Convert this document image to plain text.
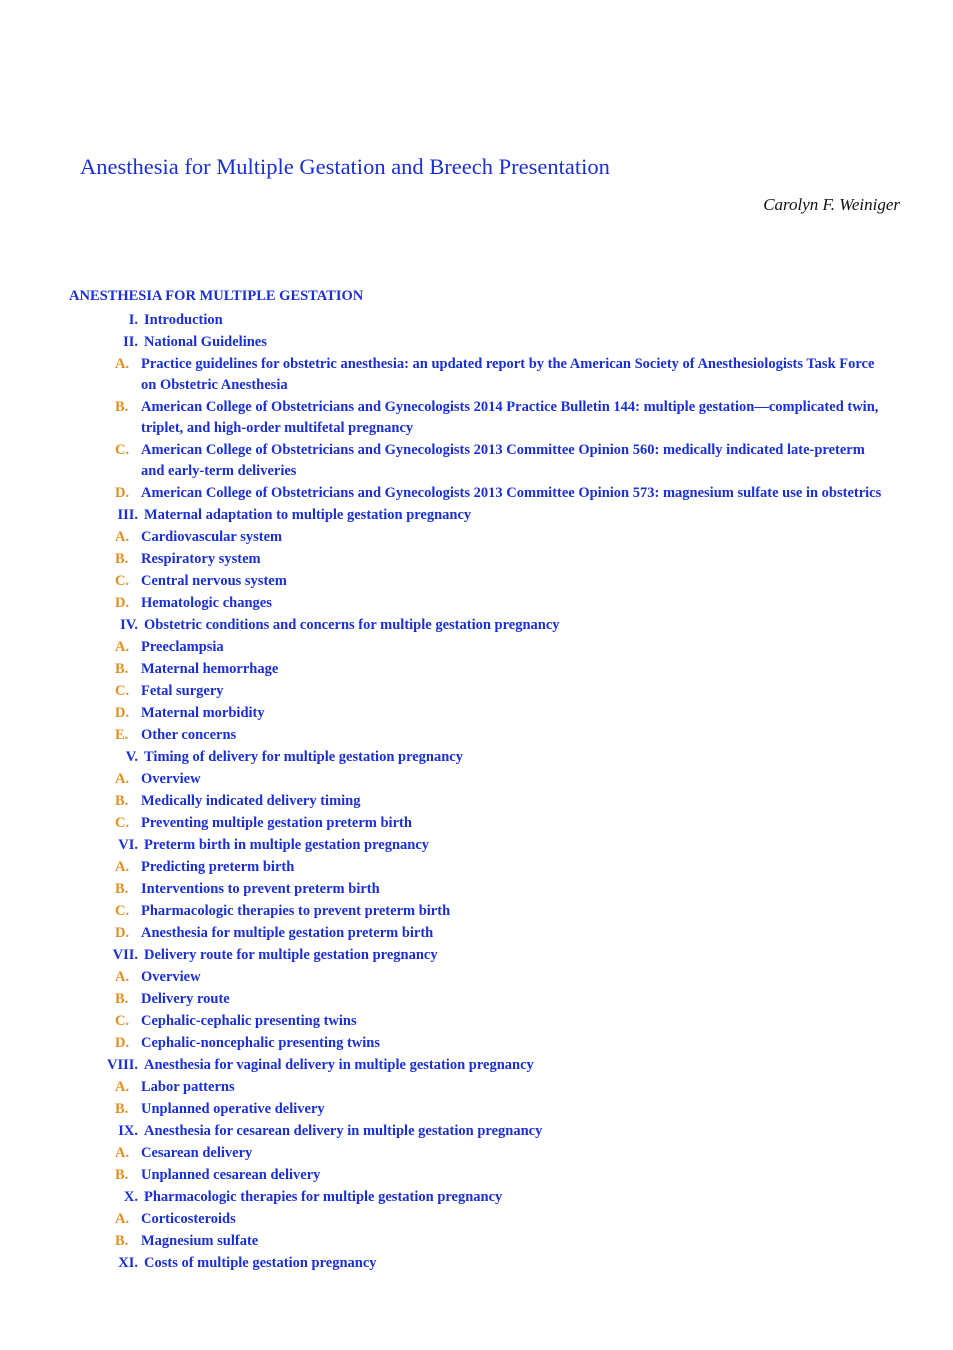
Anesthesia for Multiple Gestation and Breech Presentation
Carolyn F. Weiniger
ANESTHESIA FOR MULTIPLE GESTATION
I. Introduction
II. National Guidelines
A. Practice guidelines for obstetric anesthesia: an updated report by the American Society of Anesthesiologists Task Force on Obstetric Anesthesia
B. American College of Obstetricians and Gynecologists 2014 Practice Bulletin 144: multiple gestation—complicated twin, triplet, and high-order multifetal pregnancy
C. American College of Obstetricians and Gynecologists 2013 Committee Opinion 560: medically indicated late-preterm and early-term deliveries
D. American College of Obstetricians and Gynecologists 2013 Committee Opinion 573: magnesium sulfate use in obstetrics
III. Maternal adaptation to multiple gestation pregnancy
A. Cardiovascular system
B. Respiratory system
C. Central nervous system
D. Hematologic changes
IV. Obstetric conditions and concerns for multiple gestation pregnancy
A. Preeclampsia
B. Maternal hemorrhage
C. Fetal surgery
D. Maternal morbidity
E. Other concerns
V. Timing of delivery for multiple gestation pregnancy
A. Overview
B. Medically indicated delivery timing
C. Preventing multiple gestation preterm birth
VI. Preterm birth in multiple gestation pregnancy
A. Predicting preterm birth
B. Interventions to prevent preterm birth
C. Pharmacologic therapies to prevent preterm birth
D. Anesthesia for multiple gestation preterm birth
VII. Delivery route for multiple gestation pregnancy
A. Overview
B. Delivery route
C. Cephalic-cephalic presenting twins
D. Cephalic-noncephalic presenting twins
VIII. Anesthesia for vaginal delivery in multiple gestation pregnancy
A. Labor patterns
B. Unplanned operative delivery
IX. Anesthesia for cesarean delivery in multiple gestation pregnancy
A. Cesarean delivery
B. Unplanned cesarean delivery
X. Pharmacologic therapies for multiple gestation pregnancy
A. Corticosteroids
B. Magnesium sulfate
XI. Costs of multiple gestation pregnancy
